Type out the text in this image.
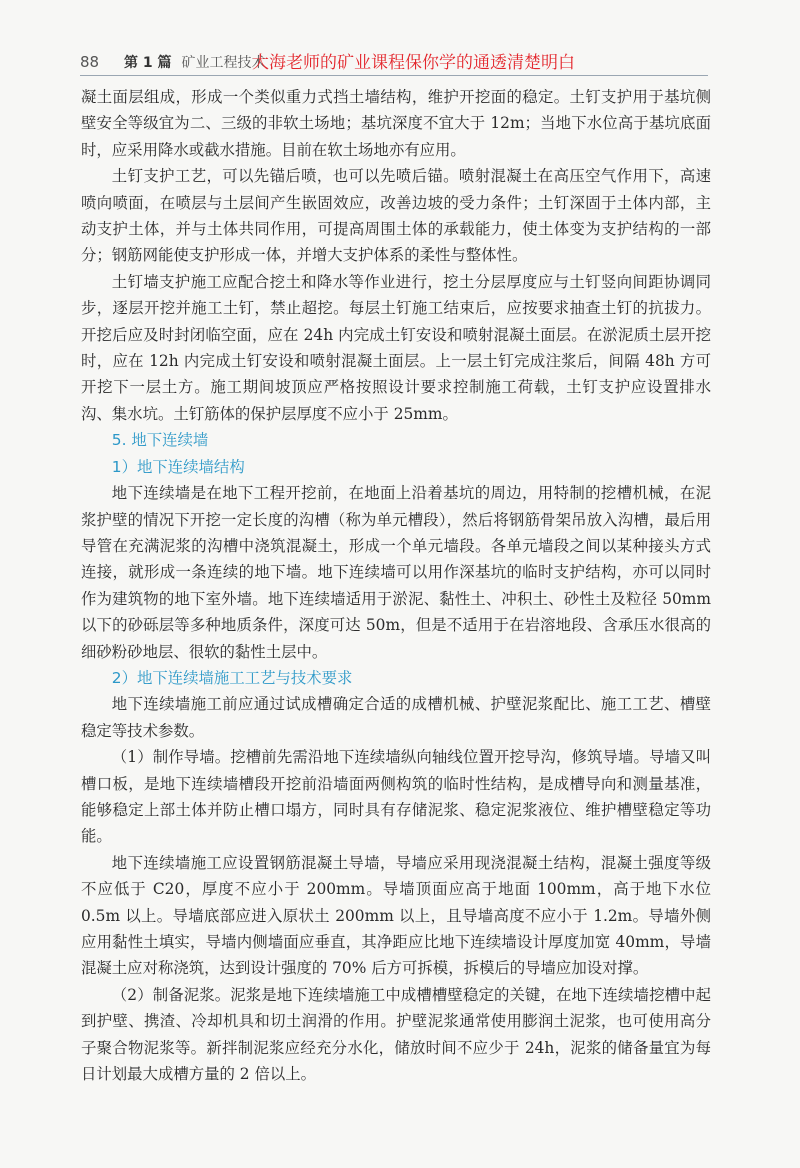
88	第 1 篇 矿业工程技术
大海老师的矿业课程保你学的通透清楚明白

凝土面层组成，形成一个类似重力式挡土墙结构，维护开挖面的稳定。土钉支护用于基坑侧壁安全等级宜为二、三级的非软土场地；基坑深度不宜大于 12m；当地下水位高于基坑底面时，应采用降水或截水措施。目前在软土场地亦有应用。

土钉支护工艺，可以先锚后喷，也可以先喷后锚。喷射混凝土在高压空气作用下，高速喷向喷面，在喷层与土层间产生嵌固效应，改善边坡的受力条件；土钉深固于土体内部，主动支护土体，并与土体共同作用，可提高周围土体的承载能力，使土体变为支护结构的一部分；钢筋网能使支护形成一体，并增大支护体系的柔性与整体性。

土钉墙支护施工应配合挖土和降水等作业进行，挖土分层厚度应与土钉竖向间距协调同步，逐层开挖并施工土钉，禁止超挖。每层土钉施工结束后，应按要求抽查土钉的抗拔力。开挖后应及时封闭临空面，应在 24h 内完成土钉安设和喷射混凝土面层。在淤泥质土层开挖时，应在 12h 内完成土钉安设和喷射混凝土面层。上一层土钉完成注浆后，间隔 48h 方可开挖下一层土方。施工期间坡顶应严格按照设计要求控制施工荷载，土钉支护应设置排水沟、集水坑。土钉筋体的保护层厚度不应小于 25mm。

5. 地下连续墙

1）地下连续墙结构

地下连续墙是在地下工程开挖前，在地面上沿着基坑的周边，用特制的挖槽机械，在泥浆护壁的情况下开挖一定长度的沟槽（称为单元槽段），然后将钢筋骨架吊放入沟槽，最后用导管在充满泥浆的沟槽中浇筑混凝土，形成一个单元墙段。各单元墙段之间以某种接头方式连接，就形成一条连续的地下墙。地下连续墙可以用作深基坑的临时支护结构，亦可以同时作为建筑物的地下室外墙。地下连续墙适用于淤泥、黏性土、冲积土、砂性土及粒径 50mm 以下的砂砾层等多种地质条件，深度可达 50m，但是不适用于在岩溶地段、含承压水很高的细砂粉砂地层、很软的黏性土层中。

2）地下连续墙施工工艺与技术要求

地下连续墙施工前应通过试成槽确定合适的成槽机械、护壁泥浆配比、施工工艺、槽壁稳定等技术参数。

（1）制作导墙。挖槽前先需沿地下连续墙纵向轴线位置开挖导沟，修筑导墙。导墙又叫槽口板，是地下连续墙槽段开挖前沿墙面两侧构筑的临时性结构，是成槽导向和测量基准，能够稳定上部土体并防止槽口塌方，同时具有存储泥浆、稳定泥浆液位、维护槽壁稳定等功能。

地下连续墙施工应设置钢筋混凝土导墙，导墙应采用现浇混凝土结构，混凝土强度等级不应低于 C20，厚度不应小于 200mm。导墙顶面应高于地面 100mm，高于地下水位 0.5m 以上。导墙底部应进入原状土 200mm 以上，且导墙高度不应小于 1.2m。导墙外侧应用黏性土填实，导墙内侧墙面应垂直，其净距应比地下连续墙设计厚度加宽 40mm，导墙混凝土应对称浇筑，达到设计强度的 70% 后方可拆模，拆模后的导墙应加设对撑。

（2）制备泥浆。泥浆是地下连续墙施工中成槽槽壁稳定的关键，在地下连续墙挖槽中起到护壁、携渣、冷却机具和切土润滑的作用。护壁泥浆通常使用膨润土泥浆，也可使用高分子聚合物泥浆等。新拌制泥浆应经充分水化，储放时间不应少于 24h，泥浆的储备量宜为每日计划最大成槽方量的 2 倍以上。
